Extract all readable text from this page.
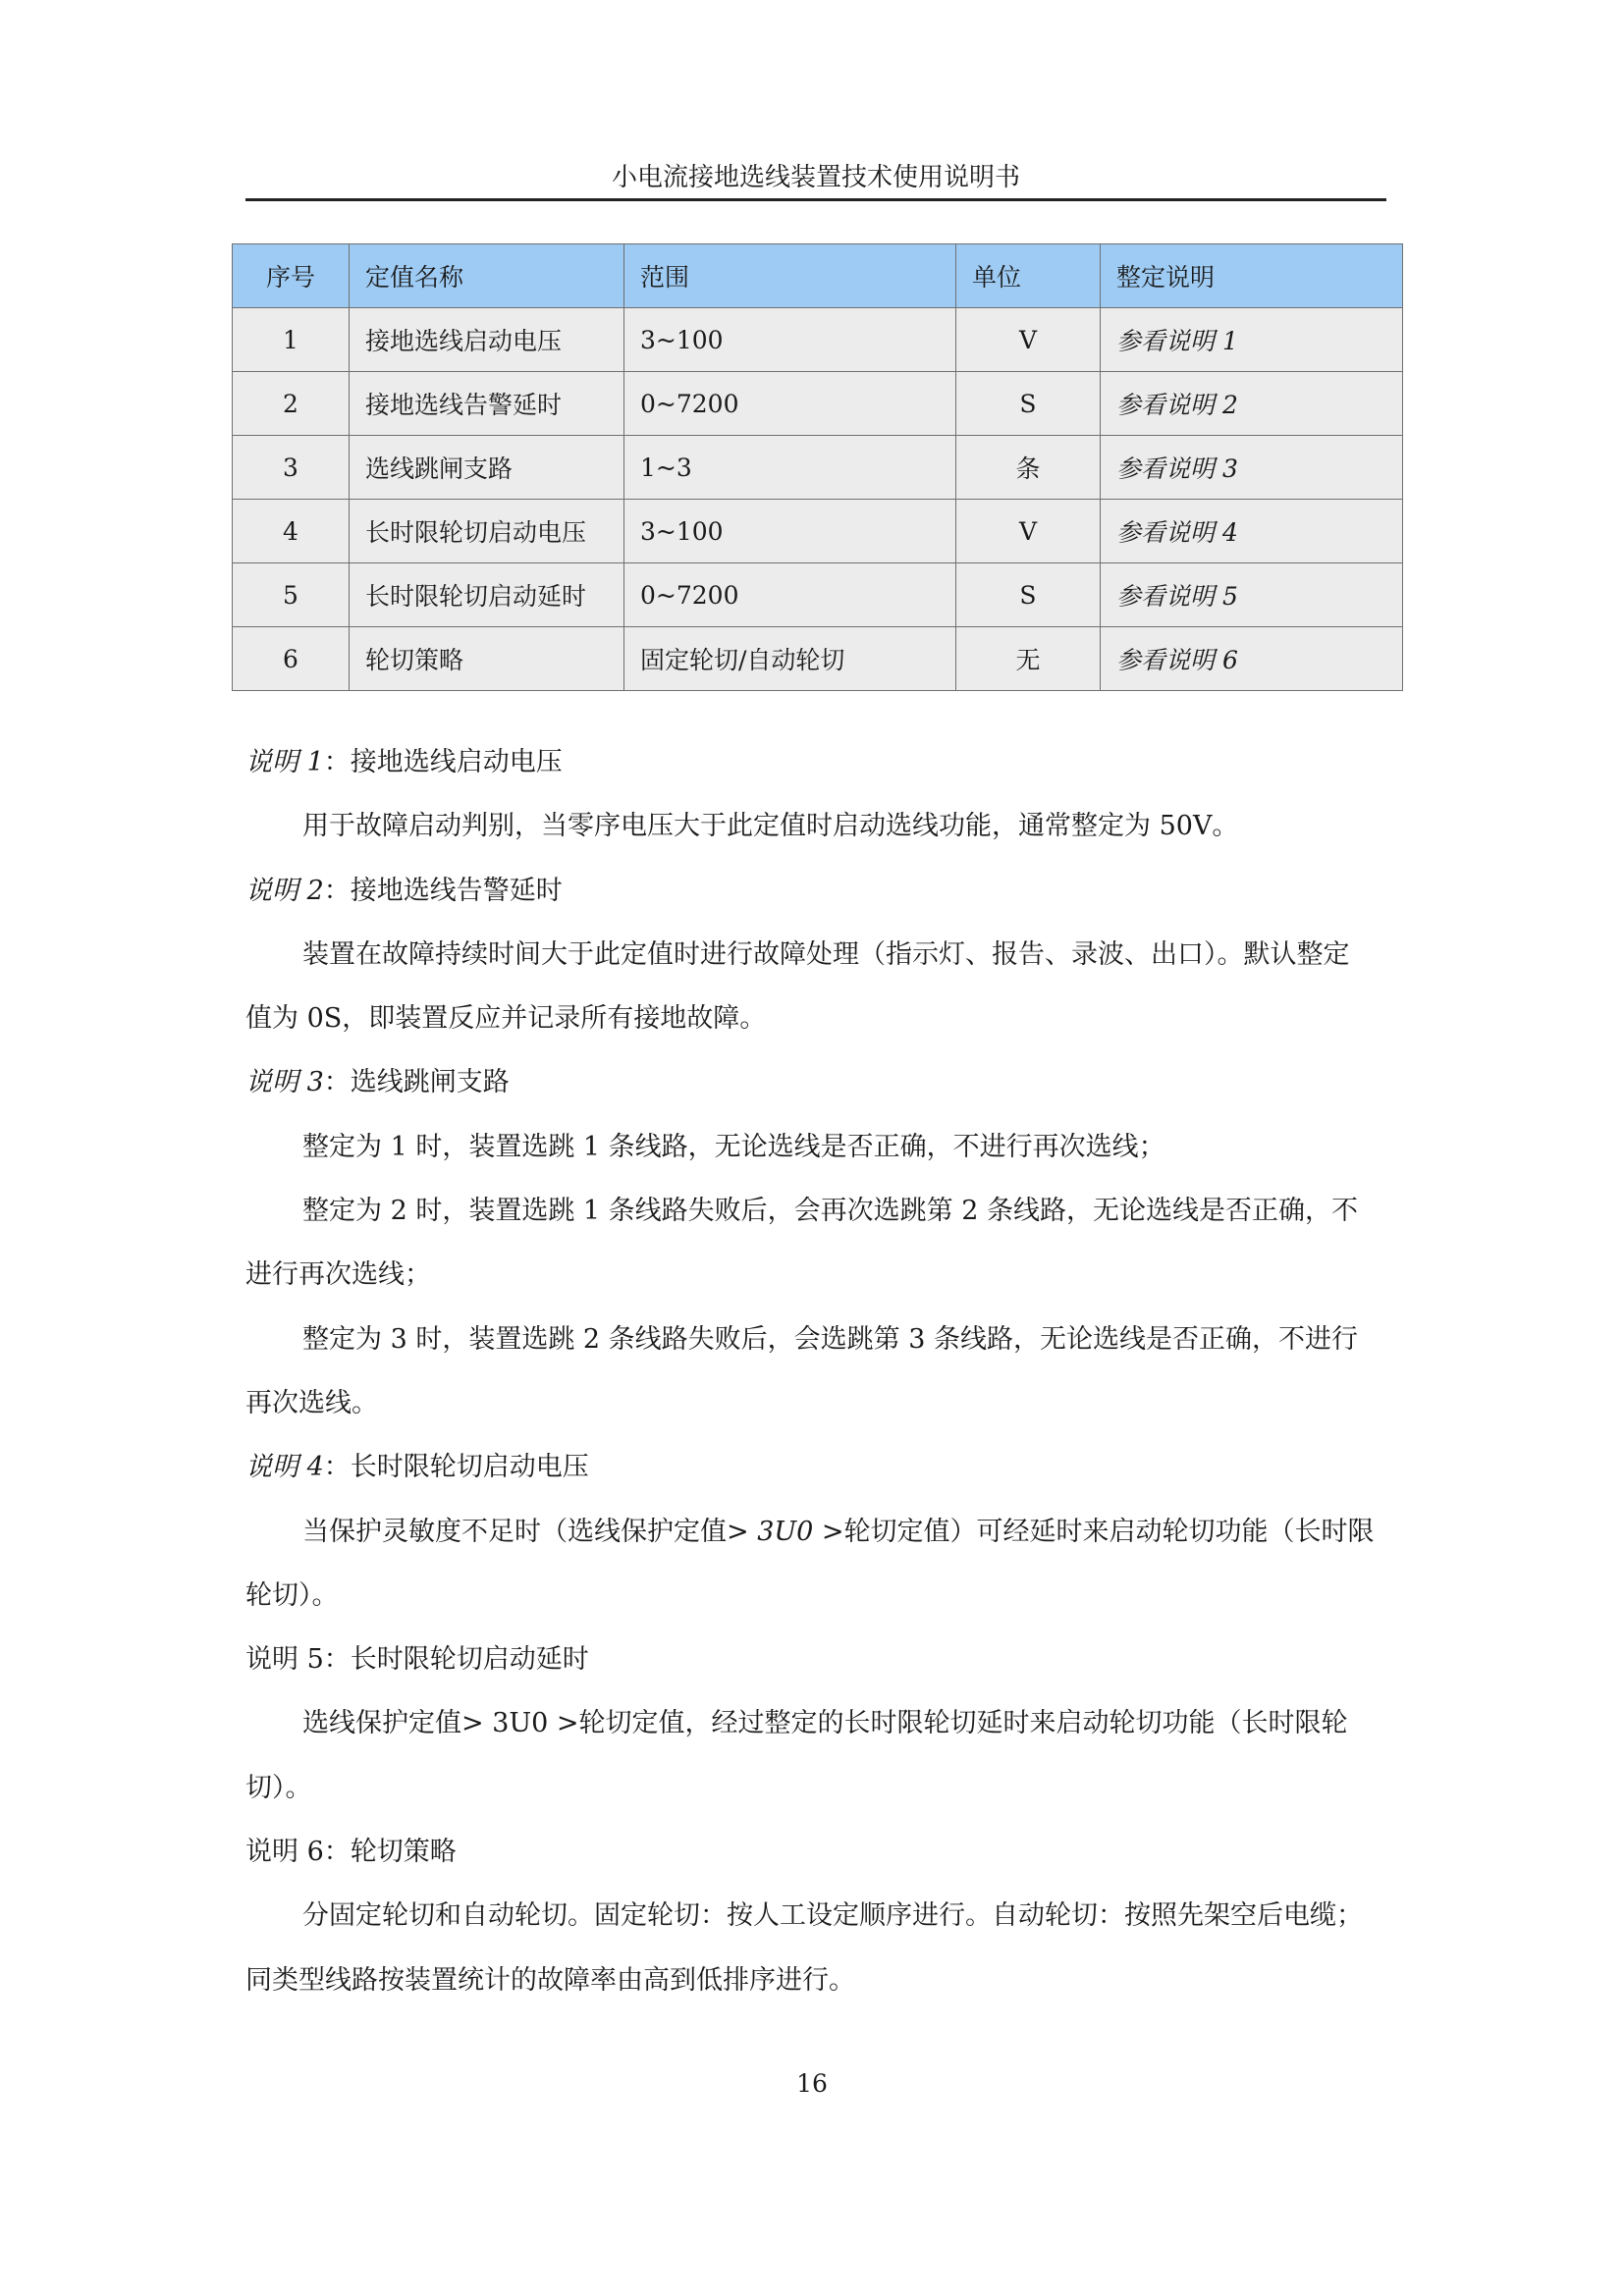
小电流接地选线装置技术使用说明书
序号	定值名称	范围	单位	整定说明
1	接地选线启动电压	3~100	V	参看说明 1
2	接地选线告警延时	0~7200	S	参看说明 2
3	选线跳闸支路	1~3	条	参看说明 3
4	长时限轮切启动电压	3~100	V	参看说明 4
5	长时限轮切启动延时	0~7200	S	参看说明 5
6	轮切策略	固定轮切/自动轮切	无	参看说明 6

说明 1：接地选线启动电压

用于故障启动判别，当零序电压大于此定值时启动选线功能，通常整定为 50V。

说明 2：接地选线告警延时

装置在故障持续时间大于此定值时进行故障处理（指示灯、报告、录波、出口）。默认整定值为 0S，即装置反应并记录所有接地故障。

说明 3：选线跳闸支路

整定为 1 时，装置选跳 1 条线路，无论选线是否正确，不进行再次选线；

整定为 2 时，装置选跳 1 条线路失败后，会再次选跳第 2 条线路，无论选线是否正确，不进行再次选线；

整定为 3 时，装置选跳 2 条线路失败后，会选跳第 3 条线路，无论选线是否正确，不进行再次选线。

说明 4：长时限轮切启动电压

当保护灵敏度不足时（选线保护定值> 3U0 >轮切定值）可经延时来启动轮切功能（长时限轮切）。

说明 5：长时限轮切启动延时

选线保护定值> 3U0 >轮切定值，经过整定的长时限轮切延时来启动轮切功能（长时限轮切）。

说明 6：轮切策略

分固定轮切和自动轮切。固定轮切：按人工设定顺序进行。自动轮切：按照先架空后电缆；同类型线路按装置统计的故障率由高到低排序进行。

16
